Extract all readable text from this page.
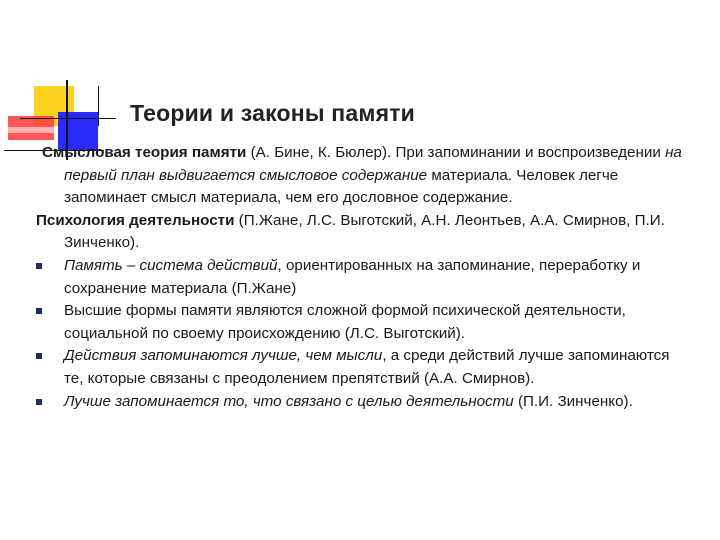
Теории и законы памяти

Смысловая теория памяти (А. Бине, К. Бюлер). При запоминании и воспроизведении на первый план выдвигается смысловое содержание материала. Человек легче запоминает смысл материала, чем его дословное содержание.

Психология деятельности (П.Жане, Л.С. Выготский, А.Н. Леонтьев, А.А. Смирнов, П.И. Зинченко).

Память – система действий, ориентированных на запоминание, переработку и сохранение материала (П.Жане)

Высшие формы памяти являются сложной формой психической деятельности, социальной по своему происхождению (Л.С. Выготский).

Действия запоминаются лучше, чем мысли, а среди действий лучше запоминаются те, которые связаны с преодолением препятствий (А.А. Смирнов).

Лучше запоминается то, что связано с целью деятельности (П.И. Зинченко).
